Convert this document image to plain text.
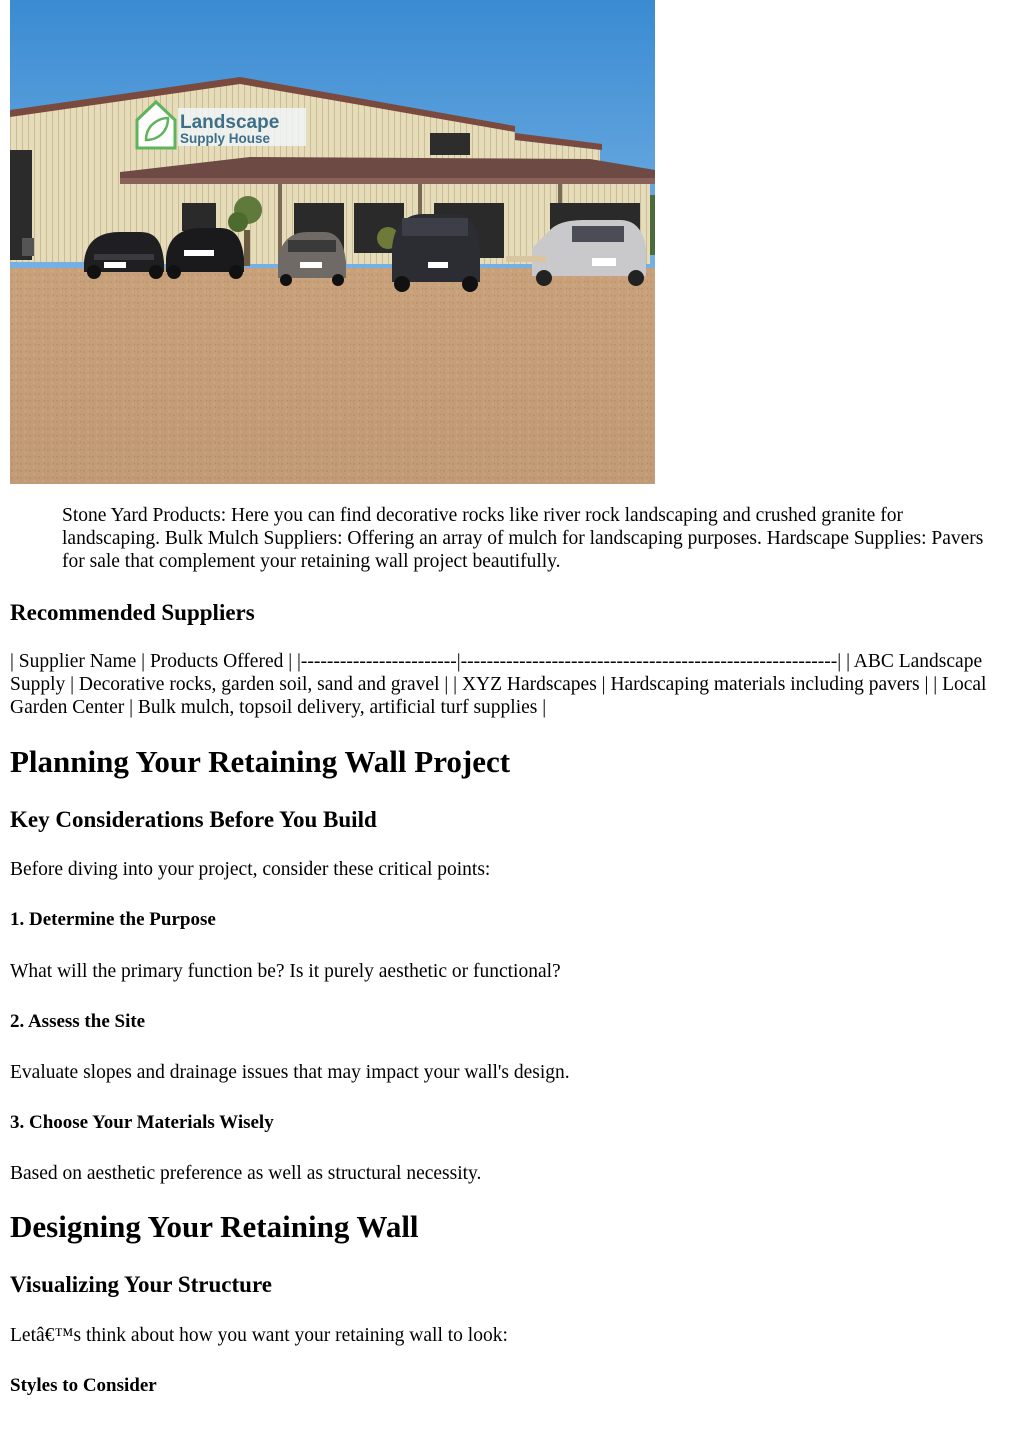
Landscape
Supply House
Stone Yard Products: Here you can find decorative rocks like river rock landscaping and crushed granite for landscaping. Bulk Mulch Suppliers: Offering an array of mulch for landscaping purposes. Hardscape Supplies: Pavers for sale that complement your retaining wall project beautifully.
Recommended Suppliers
| Supplier Name | Products Offered | |------------------------|----------------------------------------------------------| | ABC Landscape Supply | Decorative rocks, garden soil, sand and gravel | | XYZ Hardscapes | Hardscaping materials including pavers | | Local Garden Center | Bulk mulch, topsoil delivery, artificial turf supplies |
Planning Your Retaining Wall Project
Key Considerations Before You Build
Before diving into your project, consider these critical points:
1. Determine the Purpose
What will the primary function be? Is it purely aesthetic or functional?
2. Assess the Site
Evaluate slopes and drainage issues that may impact your wall's design.
3. Choose Your Materials Wisely
Based on aesthetic preference as well as structural necessity.
Designing Your Retaining Wall
Visualizing Your Structure
Letâ€™s think about how you want your retaining wall to look:
Styles to Consider
